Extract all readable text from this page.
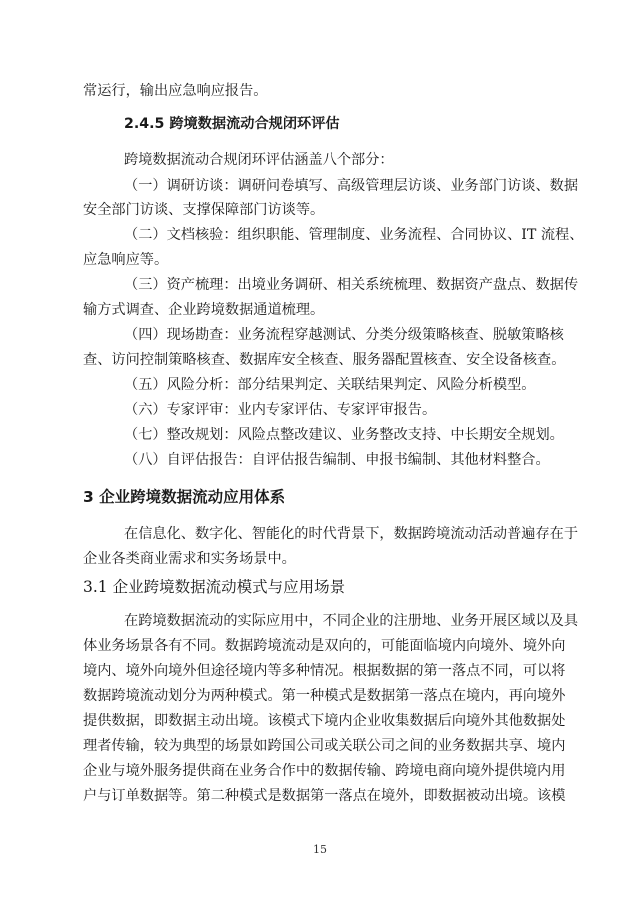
常运行，输出应急响应报告。
2.4.5 跨境数据流动合规闭环评估
跨境数据流动合规闭环评估涵盖八个部分：
（一）调研访谈：调研问卷填写、高级管理层访谈、业务部门访谈、数据
安全部门访谈、支撑保障部门访谈等。
（二）文档核验：组织职能、管理制度、业务流程、合同协议、IT 流程、
应急响应等。
（三）资产梳理：出境业务调研、相关系统梳理、数据资产盘点、数据传
输方式调查、企业跨境数据通道梳理。
（四）现场勘查：业务流程穿越测试、分类分级策略核查、脱敏策略核
查、访问控制策略核查、数据库安全核查、服务器配置核查、安全设备核查。
（五）风险分析：部分结果判定、关联结果判定、风险分析模型。
（六）专家评审：业内专家评估、专家评审报告。
（七）整改规划：风险点整改建议、业务整改支持、中长期安全规划。
（八）自评估报告：自评估报告编制、申报书编制、其他材料整合。
3 企业跨境数据流动应用体系
在信息化、数字化、智能化的时代背景下，数据跨境流动活动普遍存在于
企业各类商业需求和实务场景中。
3.1 企业跨境数据流动模式与应用场景
在跨境数据流动的实际应用中，不同企业的注册地、业务开展区域以及具
体业务场景各有不同。数据跨境流动是双向的，可能面临境内向境外、境外向
境内、境外向境外但途径境内等多种情况。根据数据的第一落点不同，可以将
数据跨境流动划分为两种模式。第一种模式是数据第一落点在境内，再向境外
提供数据，即数据主动出境。该模式下境内企业收集数据后向境外其他数据处
理者传输，较为典型的场景如跨国公司或关联公司之间的业务数据共享、境内
企业与境外服务提供商在业务合作中的数据传输、跨境电商向境外提供境内用
户与订单数据等。第二种模式是数据第一落点在境外，即数据被动出境。该模
15
